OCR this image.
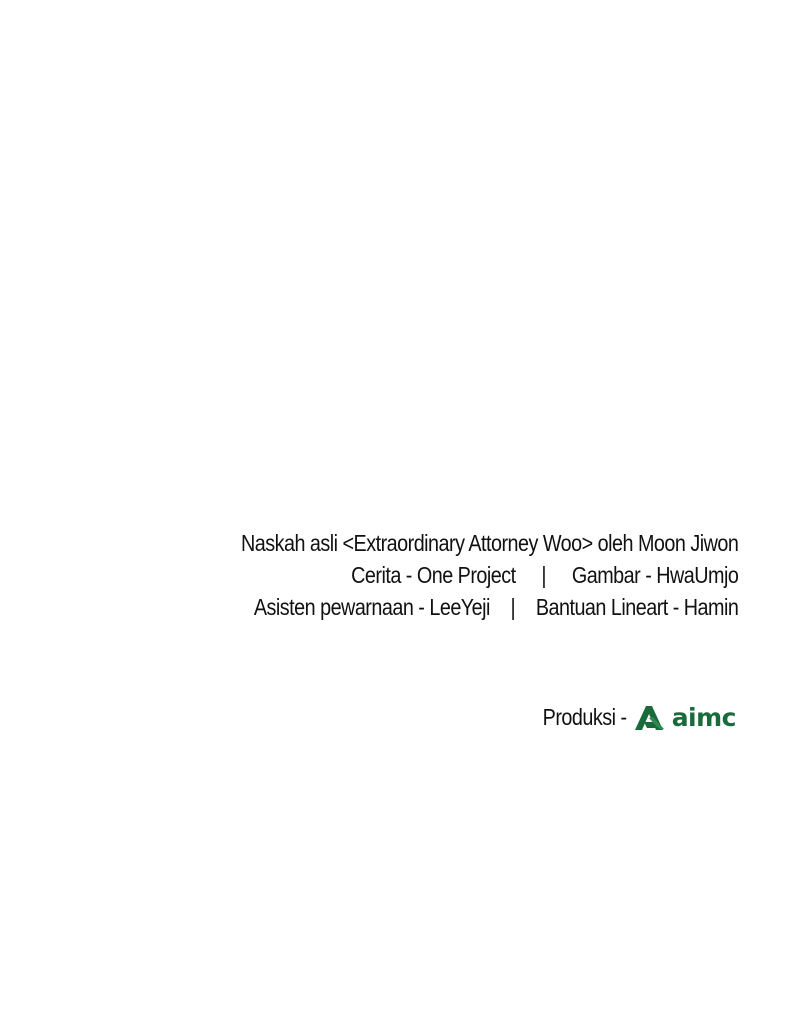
Naskah asli <Extraordinary Attorney Woo> oleh Moon Jiwon
Cerita - One Project | Gambar - HwaUmjo
Asisten pewarnaan - LeeYeji | Bantuan Lineart - Hamin
Produksi - aimc
